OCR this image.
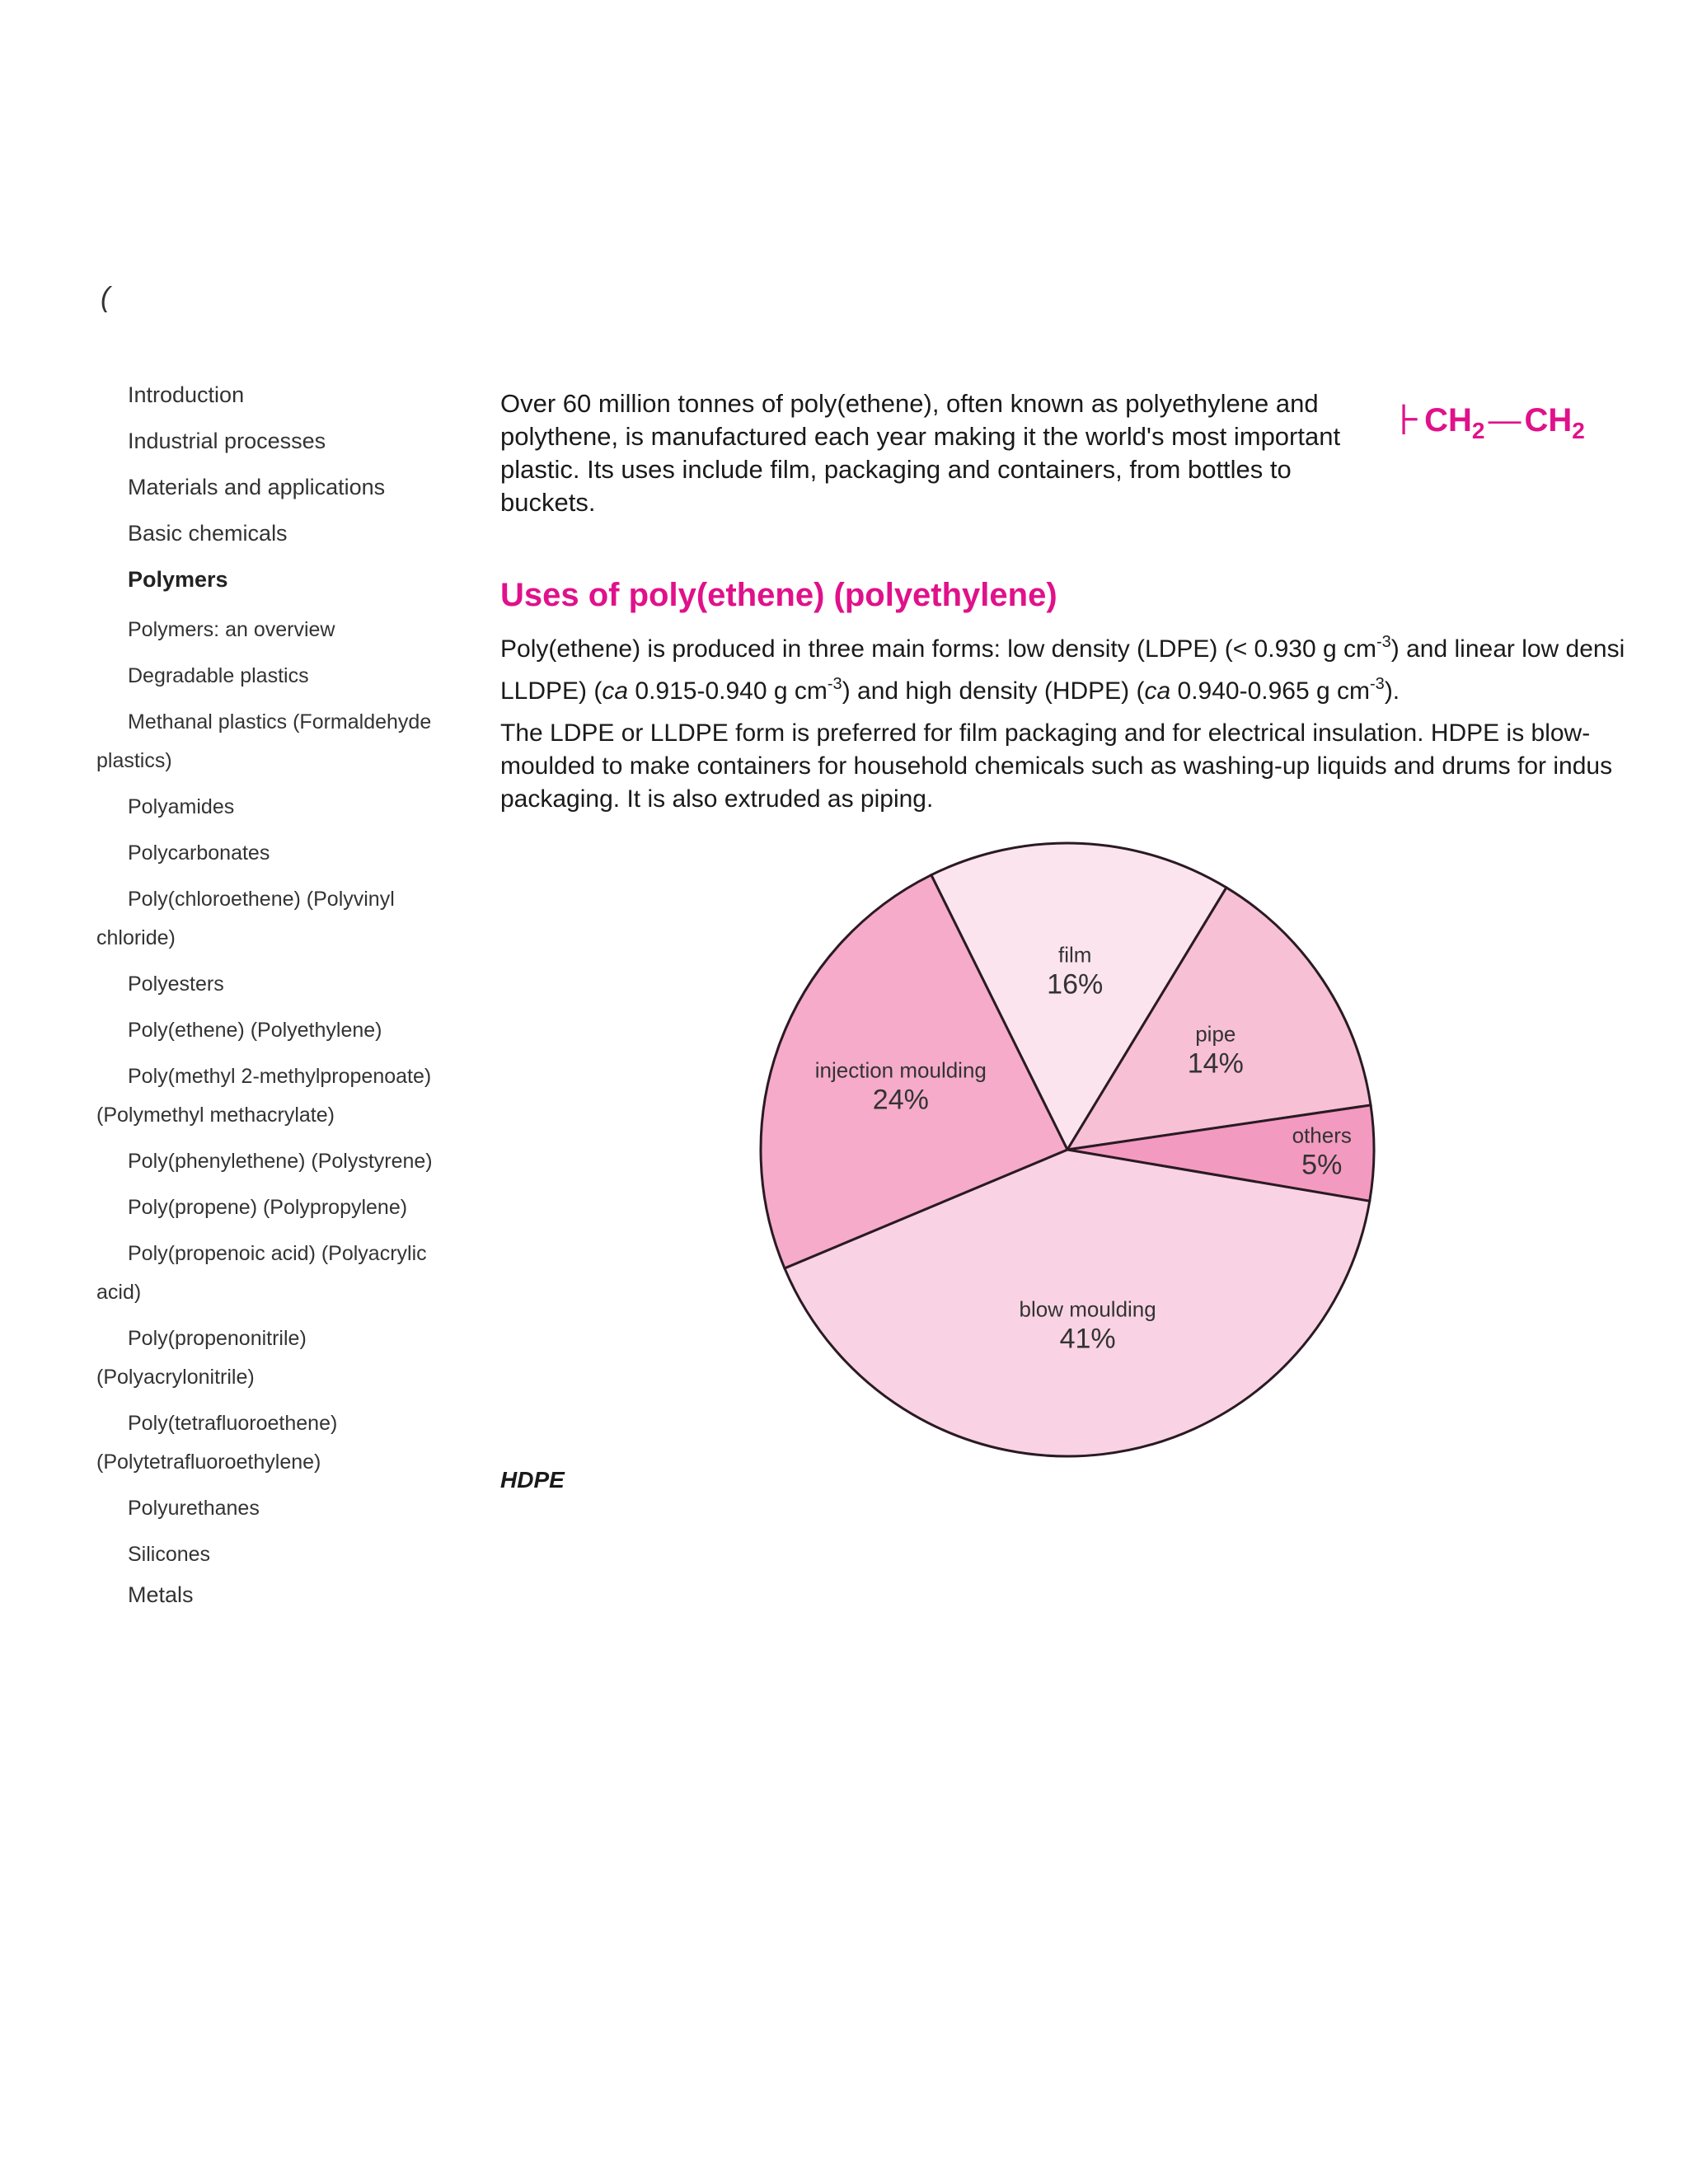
(
Introduction
Industrial processes
Materials and applications
Basic chemicals
Polymers
Polymers: an overview
Degradable plastics
Methanal plastics (Formaldehyde plastics)
Polyamides
Polycarbonates
Poly(chloroethene) (Polyvinyl chloride)
Polyesters
Poly(ethene) (Polyethylene)
Poly(methyl 2-methylpropenoate) (Polymethyl methacrylate)
Poly(phenylethene) (Polystyrene)
Poly(propene) (Polypropylene)
Poly(propenoic acid) (Polyacrylic acid)
Poly(propenonitrile) (Polyacrylonitrile)
Poly(tetrafluoroethene) (Polytetrafluoroethylene)
Polyurethanes
Silicones
Metals

Over 60 million tonnes of poly(ethene), often known as polyethylene and polythene, is manufactured each year making it the world's most important plastic. Its uses include film, packaging and containers, from bottles to buckets.

⊦ $CH_2$ — $CH_2$
Uses of poly(ethene) (polyethylene)

Poly(ethene) is produced in three main forms: low density (LDPE) (< 0.930 g $cm^{-3}$) and linear low densi
LLDPE) (ca 0.915-0.940 g $cm^{-3}$) and high density (HDPE) (ca 0.940-0.965 g $cm^{-3}$).

The LDPE or LLDPE form is preferred for film packaging and for electrical insulation. HDPE is blow-
moulded to make containers for household chemicals such as washing-up liquids and drums for indus
packaging. It is also extruded as piping.

film
16%
pipe
14%
others
5%
blow moulding
41%
injection moulding
24%
HDPE
